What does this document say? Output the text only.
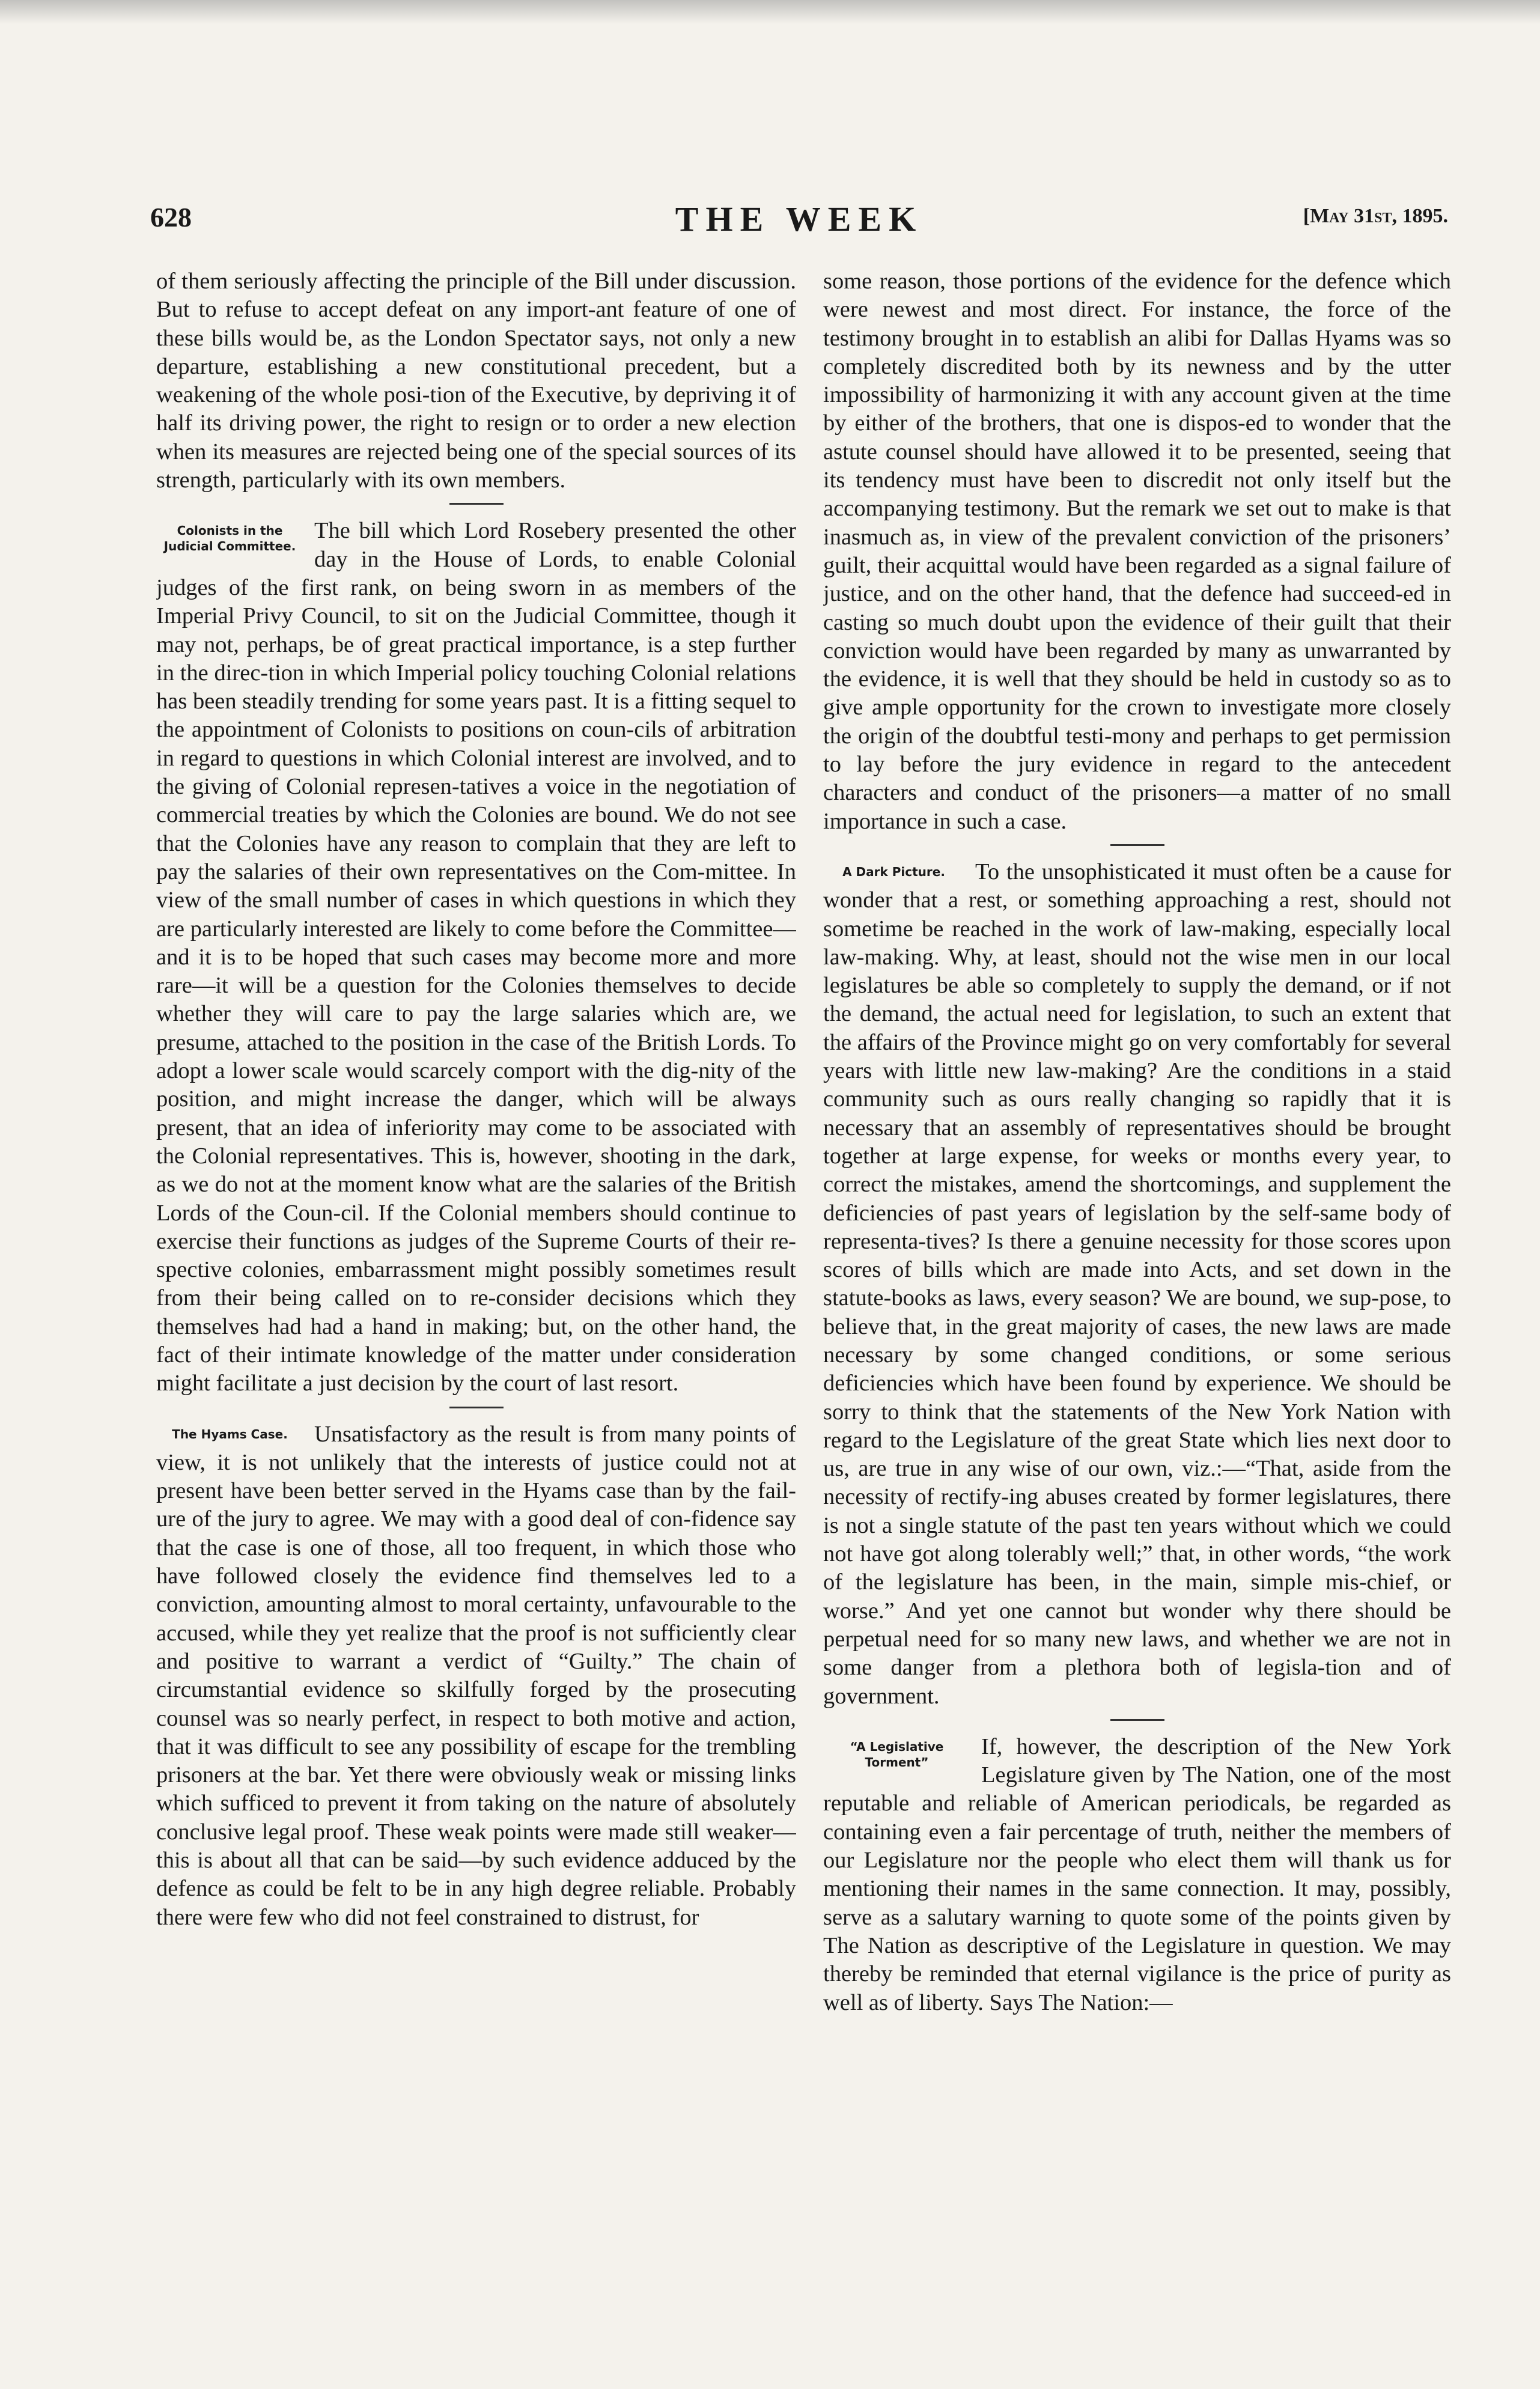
628	THE WEEK	[May 31st, 1895.

of them seriously affecting the principle of the Bill under discussion. But to refuse to accept defeat on any import-ant feature of one of these bills would be, as the London Spectator says, not only a new departure, establishing a new constitutional precedent, but a weakening of the whole posi-tion of the Executive, by depriving it of half its driving power, the right to resign or to order a new election when its measures are rejected being one of the special sources of its strength, particularly with its own members.

Colonists in the Judicial Committee.

The bill which Lord Rosebery presented the other day in the House of Lords, to enable Colonial judges of the first rank, on being sworn in as members of the Imperial Privy Council, to sit on the Judicial Committee, though it may not, perhaps, be of great practical importance, is a step further in the direc-tion in which Imperial policy touching Colonial relations has been steadily trending for some years past. It is a fitting sequel to the appointment of Colonists to positions on coun-cils of arbitration in regard to questions in which Colonial interest are involved, and to the giving of Colonial represen-tatives a voice in the negotiation of commercial treaties by which the Colonies are bound. We do not see that the Colonies have any reason to complain that they are left to pay the salaries of their own representatives on the Com-mittee. In view of the small number of cases in which questions in which they are particularly interested are likely to come before the Committee—and it is to be hoped that such cases may become more and more rare—it will be a question for the Colonies themselves to decide whether they will care to pay the large salaries which are, we presume, attached to the position in the case of the British Lords. To adopt a lower scale would scarcely comport with the dig-nity of the position, and might increase the danger, which will be always present, that an idea of inferiority may come to be associated with the Colonial representatives. This is, however, shooting in the dark, as we do not at the moment know what are the salaries of the British Lords of the Coun-cil. If the Colonial members should continue to exercise their functions as judges of the Supreme Courts of their re-spective colonies, embarrassment might possibly sometimes result from their being called on to re-consider decisions which they themselves had had a hand in making; but, on the other hand, the fact of their intimate knowledge of the matter under consideration might facilitate a just decision by the court of last resort.

The Hyams Case.	Unsatisfactory as the result is from many points of view, it is not unlikely that the interests of justice could not at present have been better served in the Hyams case than by the fail-ure of the jury to agree. We may with a good deal of con-fidence say that the case is one of those, all too frequent, in which those who have followed closely the evidence find themselves led to a conviction, amounting almost to moral certainty, unfavourable to the accused, while they yet realize that the proof is not sufficiently clear and positive to warrant a verdict of “Guilty.” The chain of circumstantial evidence so skilfully forged by the prosecuting counsel was so nearly perfect, in respect to both motive and action, that it was difficult to see any possibility of escape for the trembling prisoners at the bar. Yet there were obviously weak or missing links which sufficed to prevent it from taking on the nature of absolutely conclusive legal proof. These weak points were made still weaker—this is about all that can be said—by such evidence adduced by the defence as could be felt to be in any high degree reliable. Probably there were few who did not feel constrained to distrust, for

some reason, those portions of the evidence for the defence which were newest and most direct. For instance, the force of the testimony brought in to establish an alibi for Dallas Hyams was so completely discredited both by its newness and by the utter impossibility of harmonizing it with any account given at the time by either of the brothers, that one is dispos-ed to wonder that the astute counsel should have allowed it to be presented, seeing that its tendency must have been to discredit not only itself but the accompanying testimony. But the remark we set out to make is that inasmuch as, in view of the prevalent conviction of the prisoners’ guilt, their acquittal would have been regarded as a signal failure of justice, and on the other hand, that the defence had succeed-ed in casting so much doubt upon the evidence of their guilt that their conviction would have been regarded by many as unwarranted by the evidence, it is well that they should be held in custody so as to give ample opportunity for the crown to investigate more closely the origin of the doubtful testi-mony and perhaps to get permission to lay before the jury evidence in regard to the antecedent characters and conduct of the prisoners—a matter of no small importance in such a case.

A Dark Picture.	To the unsophisticated it must often be a cause for wonder that a rest, or something approaching a rest, should not sometime be reached in the work of law-making, especially local law-making. Why, at least, should not the wise men in our local legislatures be able so completely to supply the demand, or if not the demand, the actual need for legislation, to such an extent that the affairs of the Province might go on very comfortably for several years with little new law-making? Are the conditions in a staid community such as ours really changing so rapidly that it is necessary that an assembly of representatives should be brought together at large expense, for weeks or months every year, to correct the mistakes, amend the shortcomings, and supplement the deficiencies of past years of legislation by the self-same body of representa-tives? Is there a genuine necessity for those scores upon scores of bills which are made into Acts, and set down in the statute-books as laws, every season? We are bound, we sup-pose, to believe that, in the great majority of cases, the new laws are made necessary by some changed conditions, or some serious deficiencies which have been found by experience. We should be sorry to think that the statements of the New York Nation with regard to the Legislature of the great State which lies next door to us, are true in any wise of our own, viz.:—“That, aside from the necessity of rectify-ing abuses created by former legislatures, there is not a single statute of the past ten years without which we could not have got along tolerably well;” that, in other words, “the work of the legislature has been, in the main, simple mis-chief, or worse.” And yet one cannot but wonder why there should be perpetual need for so many new laws, and whether we are not in some danger from a plethora both of legisla-tion and of government.

“A Legislative Torment”

If, however, the description of the New York Legislature given by The Nation, one of the most reputable and reliable of American periodicals, be regarded as containing even a fair percentage of truth, neither the members of our Legislature nor the people who elect them will thank us for mentioning their names in the same connection. It may, possibly, serve as a salutary warning to quote some of the points given by The Nation as descriptive of the Legislature in question. We may thereby be reminded that eternal vigilance is the price of purity as well as of liberty. Says The Nation:—
